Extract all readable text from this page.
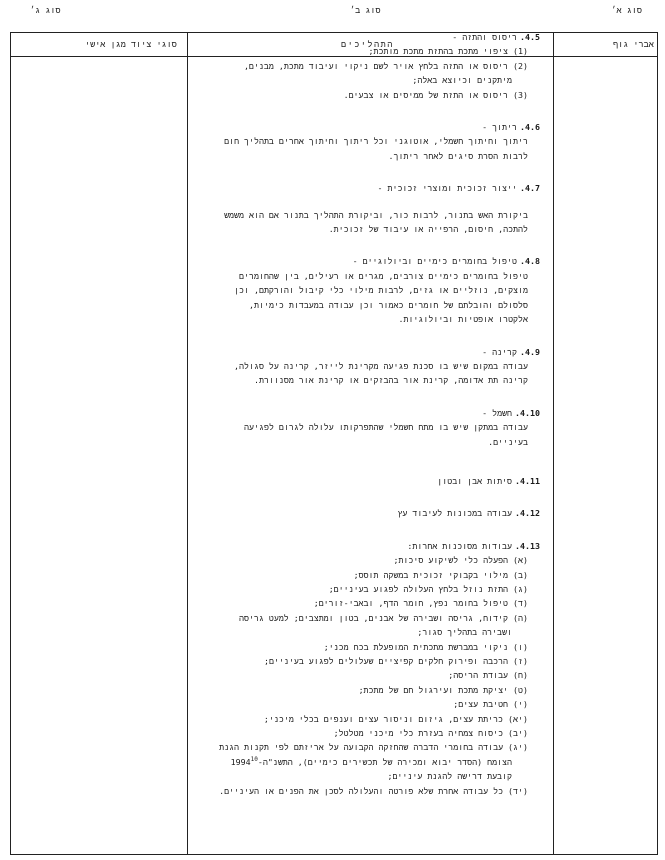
סוג א׳
סוג ב׳
סוג ג׳
סוגי ציוד מגן אישי	התהליכים	אברי גוף
4.5.
ריסוס והתזה -
(1) ציפוי מתכת בהתזת מתכת מותכת;
(2) ריסוס או התזה בלחץ אויר לשם ניקוי ועיבוד מתכת, מבנים,
מיתקנים וכיוצא באלה;
(3) ריסוס או התזת של ממיסים או צבעים.
4.6.
ריתוך -
ריתוך וחיתוך חשמלי, אוטוגני וכל ריתוך וחיתוך אחרים בתהליך חום
לרבות הסרת סיגים לאחר ריתוך.
4.7.
ייצור זכוכית ומוצרי זכוכית -
ביקורת האש בתנור, לרבות כור, וביקורת התהליך בתנור אם הוא משמש
להתכה, חיסום, הרפייה או עיבוד של זכוכית.
4.8.
טיפול בחומרים כימיים וביולוגיים -
טיפול בחומרים כימיים צורבים, מגרים או רעילים, בין שהחומרים
מוצקים, נוזליים או גזים, לרבות מילוי כלי קיבול והורקתם, וכן
סלסולם והובלתם של חומרים כאמור וכן עבודה במעבדות כימיות,
אלקטרו אופטיות וביולוגיות.
4.9.
קרינה -
עבודה במקום שיש בו סכנת פגיעה מקרינת לייזר, קרינה על סגולה,
קרינה תת אדומה, קרינת אור בהבזקים או קרינת אור מסנוורת.
4.10.
חשמל -
עבודה במתקן שיש בו מתח חשמלי שהתפרקותו עלולה לגרום לפגיעה
בעיניים.
4.11.
סיתות אבן ובטון
4.12.
עבודה במכונות לעיבוד עץ
4.13.
עבודות מסוכנות אחרות:
(א) הפעלה כלי לשיקוע סיכות;
(ב) מילוי בקבוקי זכוכית במשקה תוסס;
(ג) התזת נוזל בלחץ העלולה לפגוע בעיניים;
(ד) טיפול בחומר נפץ, חומר הדף, ובאבי-זורים;
(ה) קידוח, גריסה ושבירה של אבנים, בטון ומתצבים; למעט גריסה
ושבירה בתהליך סגור;
(ו) ניקוי במברשת מתכתית המופעלת בכח מכני;
(ז) הרכבה ופירוק חלקים קפיציים שעלולים לפגוע בעיניים;
(ח) עבודת הריסה;
(ט) יציקת מתכת ועירגול חם של מתכת;
(י) חטיבת עצים;
(יא) כריתת עצים, גיזום וניסור עצים וענפים בכלי מיכני;
(יב) כיסוח צמחיה בעזרת כלי מיכני מטלטל;
(יג) עבודה בחומרי הדברה שהחזקה הקבועה על אריזתם לפי תקנות הגנת
הצומח (הסדר יבוא ומכירה של תכשירים כימיים), התשנ"ה-1994$^{10}$
קובעת דרישה להגנת עיניים;
(יד) כל עבודה אחרת שלא פורטה והעלולה לסכן את הפנים או העיניים.
